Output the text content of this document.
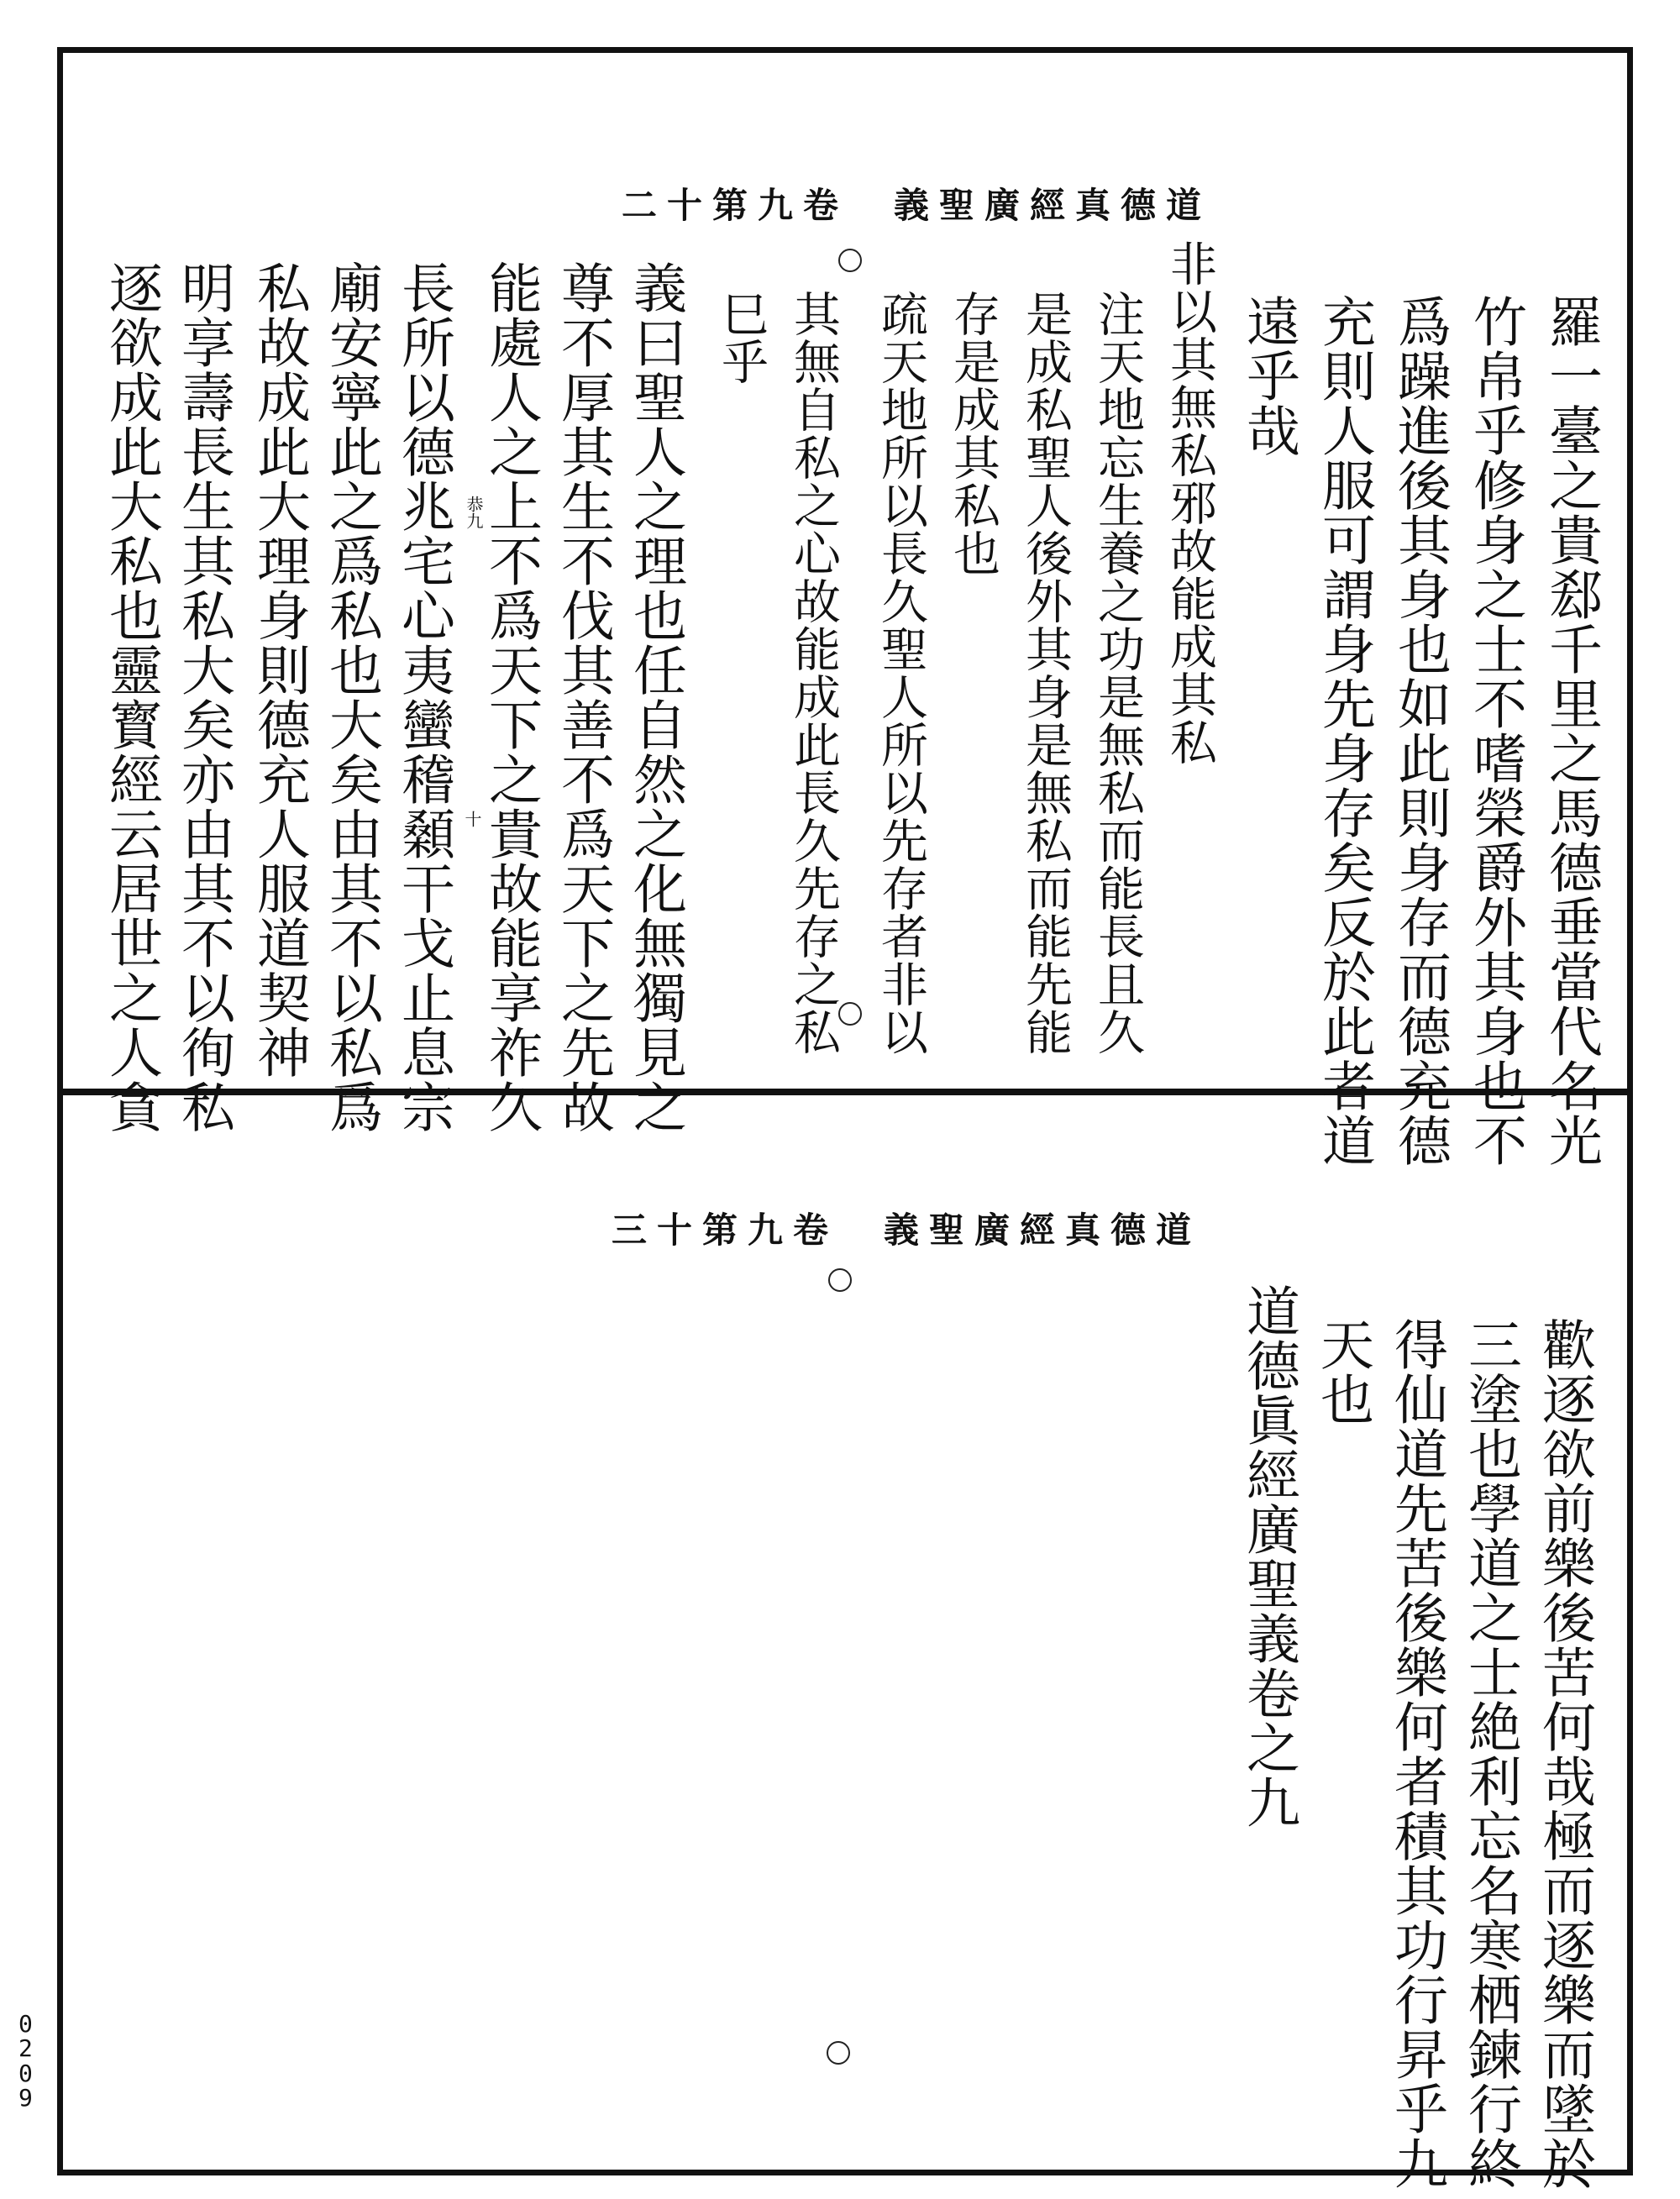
0209
二十第九卷　義聖廣經真德道
恭九
十	羅一臺之貴郄千里之馬德垂當代名光
竹帛乎修身之士不嗜榮爵外其身也不
爲躁進後其身也如此則身存而德充德
充則人服可謂身先身存矣反於此者道
遠乎哉
非以其無私邪故能成其私
注天地忘生養之功是無私而能長且久
是成私聖人後外其身是無私而能先能
存是成其私也
疏天地所以長久聖人所以先存者非以
其無自私之心故能成此長久先存之私
巳乎
義曰聖人之理也任自然之化無獨見之
尊不厚其生不伐其善不爲天下之先故
能處人之上不爲天下之貴故能享祚久
長所以德兆宅心夷蠻稽顙干戈止息宗
廟安寧此之爲私也大矣由其不以私爲
私故成此大理身則德充人服道契神
明享壽長生其私大矣亦由其不以徇私
逐欲成此大私也靈寳經云居世之人貪
三十第九卷　義聖廣經真德道
歡逐欲前樂後苦何哉極而逐樂而墜於
三塗也學道之士絶利忘名寒栖鍊行終
得仙道先苦後樂何者積其功行昇乎九
天也
道德眞經廣聖義卷之九
